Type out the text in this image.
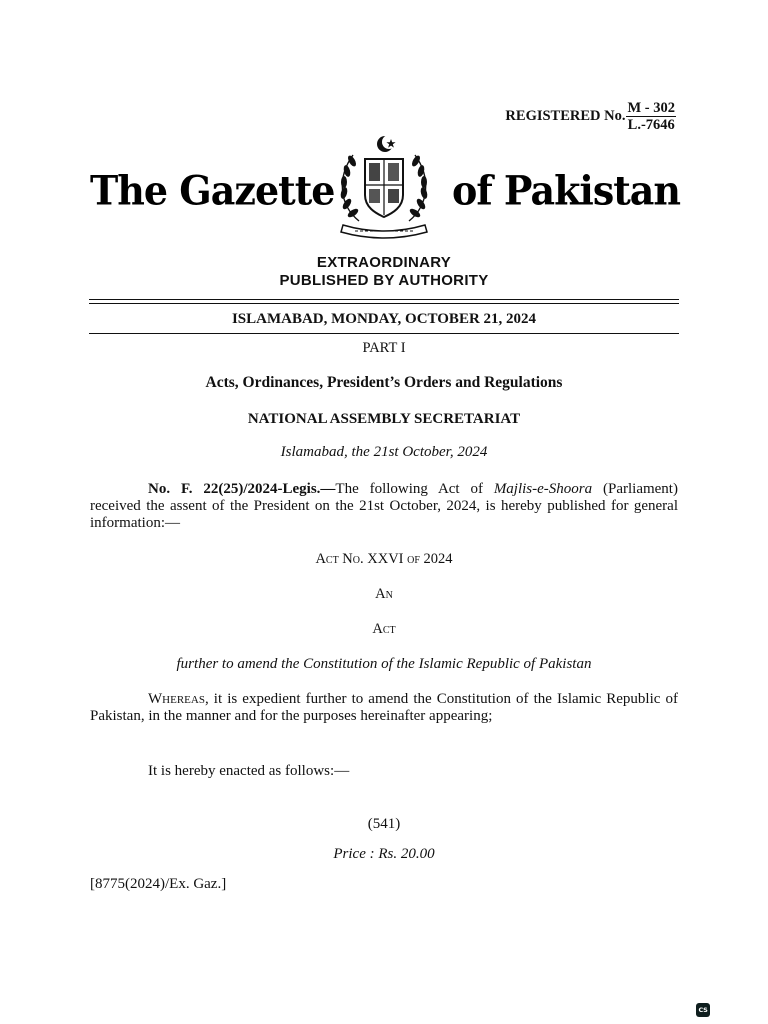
REGISTERED No. $\frac{M - 302}{L.-7646}$
The Gazette	of Pakistan
EXTRAORDINARY
PUBLISHED BY AUTHORITY
ISLAMABAD, MONDAY, OCTOBER 21, 2024
PART I
Acts, Ordinances, President’s Orders and Regulations
NATIONAL ASSEMBLY SECRETARIAT
Islamabad, the 21st October, 2024
No. F. 22(25)/2024-Legis.—The following Act of Majlis-e-Shoora (Parliament) received the assent of the President on the 21st October, 2024, is hereby published for general information:—
Act No. XXVI of 2024
An
Act
further to amend the Constitution of the Islamic Republic of Pakistan
Whereas, it is expedient further to amend the Constitution of the Islamic Republic of Pakistan, in the manner and for the purposes hereinafter appearing;
It is hereby enacted as follows:—
(541)
Price : Rs. 20.00
[8775(2024)/Ex. Gaz.]
CS
